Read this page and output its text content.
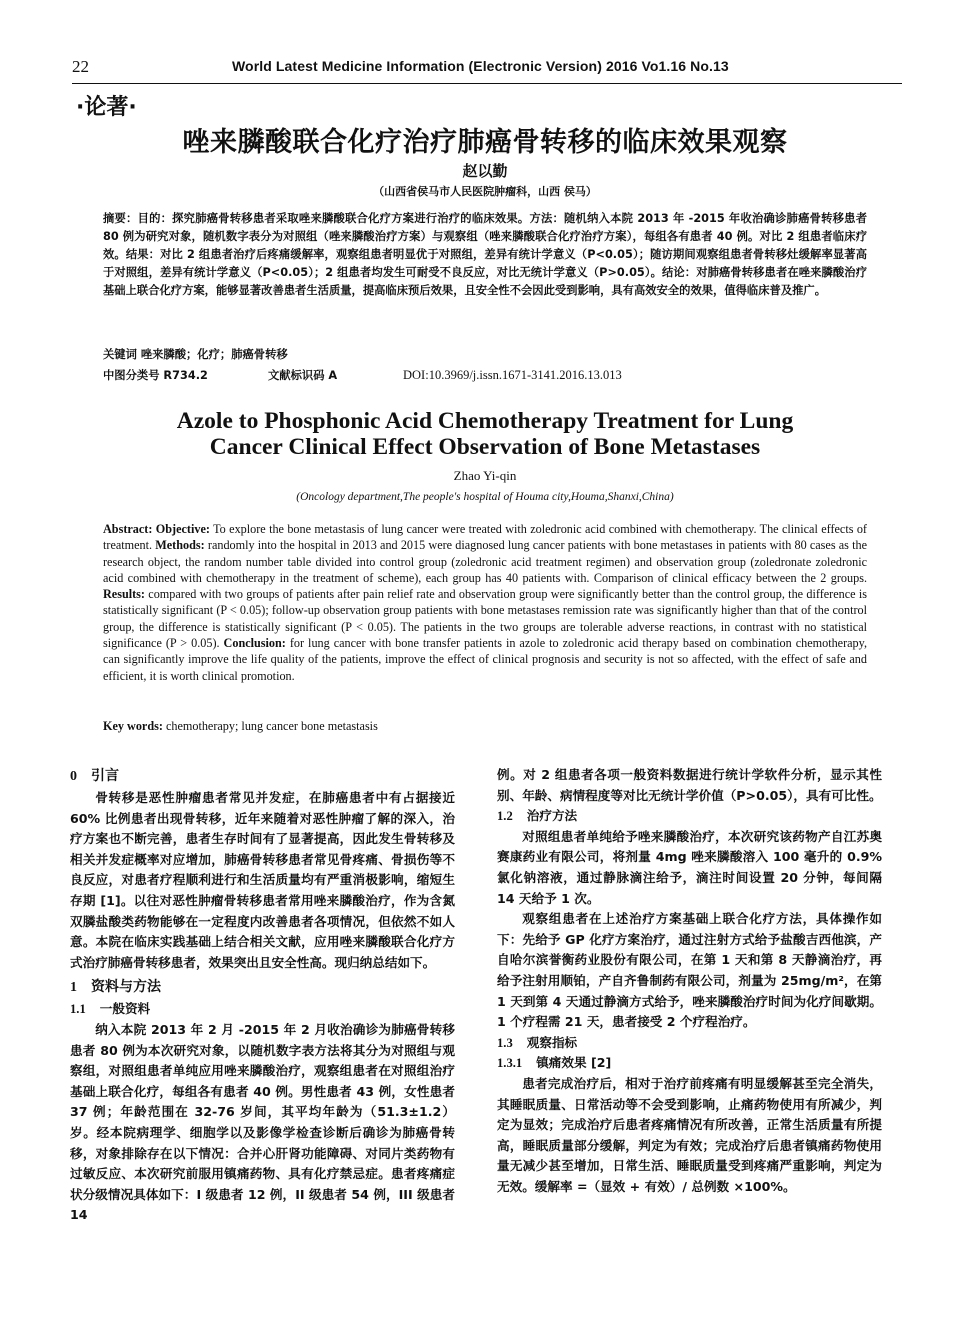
22	World Latest Medicine Information (Electronic Version) 2016 Vo1.16 No.13
·论著·
唑来膦酸联合化疗治疗肺癌骨转移的临床效果观察
赵以勤
（山西省侯马市人民医院肿瘤科，山西 侯马）

摘要：目的：探究肺癌骨转移患者采取唑来膦酸联合化疗方案进行治疗的临床效果。方法：随机纳入本院 2013 年 -2015 年收治确诊肺癌骨转移患者 80 例为研究对象，随机数字表分为对照组（唑来膦酸治疗方案）与观察组（唑来膦酸联合化疗治疗方案），每组各有患者 40 例。对比 2 组患者临床疗效。结果：对比 2 组患者治疗后疼痛缓解率，观察组患者明显优于对照组，差异有统计学意义（P<0.05）；随访期间观察组患者骨转移灶缓解率显著高于对照组，差异有统计学意义（P<0.05）；2 组患者均发生可耐受不良反应，对比无统计学意义（P>0.05）。结论：对肺癌骨转移患者在唑来膦酸治疗基础上联合化疗方案，能够显著改善患者生活质量，提高临床预后效果，且安全性不会因此受到影响，具有高效安全的效果，值得临床普及推广。

关键词 唑来膦酸；化疗；肺癌骨转移

中图分类号 R734.2	文献标识码 A	DOI:10.3969/j.issn.1671-3141.2016.13.013

Azole to Phosphonic Acid Chemotherapy Treatment for Lung
Cancer Clinical Effect Observation of Bone Metastases
Zhao Yi-qin
(Oncology department,The people's hospital of Houma city,Houma,Shanxi,China)

Abstract: Objective: To explore the bone metastasis of lung cancer were treated with zoledronic acid combined with chemotherapy. The clinical effects of treatment. Methods: randomly into the hospital in 2013 and 2015 were diagnosed lung cancer patients with bone metastases in patients with 80 cases as the research object, the random number table divided into control group (zoledronic acid treatment regimen) and observation group (zoledronate zoledronic acid combined with chemotherapy in the treatment of scheme), each group has 40 patients with. Comparison of clinical efficacy between the 2 groups. Results: compared with two groups of patients after pain relief rate and observation group were significantly better than the control group, the difference is statistically significant (P < 0.05); follow-up observation group patients with bone metastases remission rate was significantly higher than that of the control group, the difference is statistically significant (P < 0.05). The patients in the two groups are tolerable adverse reactions, in contrast with no statistical significance (P > 0.05). Conclusion: for lung cancer with bone transfer patients in azole to zoledronic acid therapy based on combination chemotherapy, can significantly improve the life quality of the patients, improve the effect of clinical prognosis and security is not so affected, with the effect of safe and efficient, it is worth clinical promotion.

Key words: chemotherapy; lung cancer bone metastasis

0 引言

骨转移是恶性肿瘤患者常见并发症，在肺癌患者中有占据接近 60% 比例患者出现骨转移，近年来随着对恶性肿瘤了解的深入，治疗方案也不断完善，患者生存时间有了显著提高，因此发生骨转移及相关并发症概率对应增加，肺癌骨转移患者常见骨疼痛、骨损伤等不良反应，对患者疗程顺利进行和生活质量均有严重消极影响，缩短生存期 [1]。以往对恶性肿瘤骨转移患者常用唑来膦酸治疗，作为含氮双膦盐酸类药物能够在一定程度内改善患者各项情况，但依然不如人意。本院在临床实践基础上结合相关文献，应用唑来膦酸联合化疗方式治疗肺癌骨转移患者，效果突出且安全性高。现归纳总结如下。

1 资料与方法

1.1 一般资料

纳入本院 2013 年 2 月 -2015 年 2 月收治确诊为肺癌骨转移患者 80 例为本次研究对象，以随机数字表方法将其分为对照组与观察组，对照组患者单纯应用唑来膦酸治疗，观察组患者在对照组治疗基础上联合化疗，每组各有患者 40 例。男性患者 43 例，女性患者 37 例；年龄范围在 32-76 岁间，其平均年龄为（51.3±1.2）岁。经本院病理学、细胞学以及影像学检查诊断后确诊为肺癌骨转移，对象排除存在以下情况：合并心肝肾功能障碍、对同片类药物有过敏反应、本次研究前服用镇痛药物、具有化疗禁忌症。患者疼痛症状分级情况具体如下：I 级患者 12 例，II 级患者 54 例，III 级患者 14

例。对 2 组患者各项一般资料数据进行统计学软件分析，显示其性别、年龄、病情程度等对比无统计学价值（P>0.05），具有可比性。

1.2 治疗方法

对照组患者单纯给予唑来膦酸治疗，本次研究该药物产自江苏奥赛康药业有限公司，将剂量 4mg 唑来膦酸溶入 100 毫升的 0.9% 氯化钠溶液，通过静脉滴注给予，滴注时间设置 20 分钟，每间隔 14 天给予 1 次。

观察组患者在上述治疗方案基础上联合化疗方法，具体操作如下：先给予 GP 化疗方案治疗，通过注射方式给予盐酸吉西他滨，产自哈尔滨誉衡药业股份有限公司，在第 1 天和第 8 天静滴治疗，再给予注射用顺铂，产自齐鲁制药有限公司，剂量为 25mg/m²，在第 1 天到第 4 天通过静滴方式给予，唑来膦酸治疗时间为化疗间歇期。1 个疗程需 21 天，患者接受 2 个疗程治疗。

1.3 观察指标

1.3.1 镇痛效果 [2]

患者完成治疗后，相对于治疗前疼痛有明显缓解甚至完全消失，其睡眠质量、日常活动等不会受到影响，止痛药物使用有所减少，判定为显效；完成治疗后患者疼痛情况有所改善，正常生活质量有所提高，睡眠质量部分缓解，判定为有效；完成治疗后患者镇痛药物使用量无减少甚至增加，日常生活、睡眠质量受到疼痛严重影响，判定为无效。缓解率 =（显效 + 有效）/ 总例数 ×100%。
